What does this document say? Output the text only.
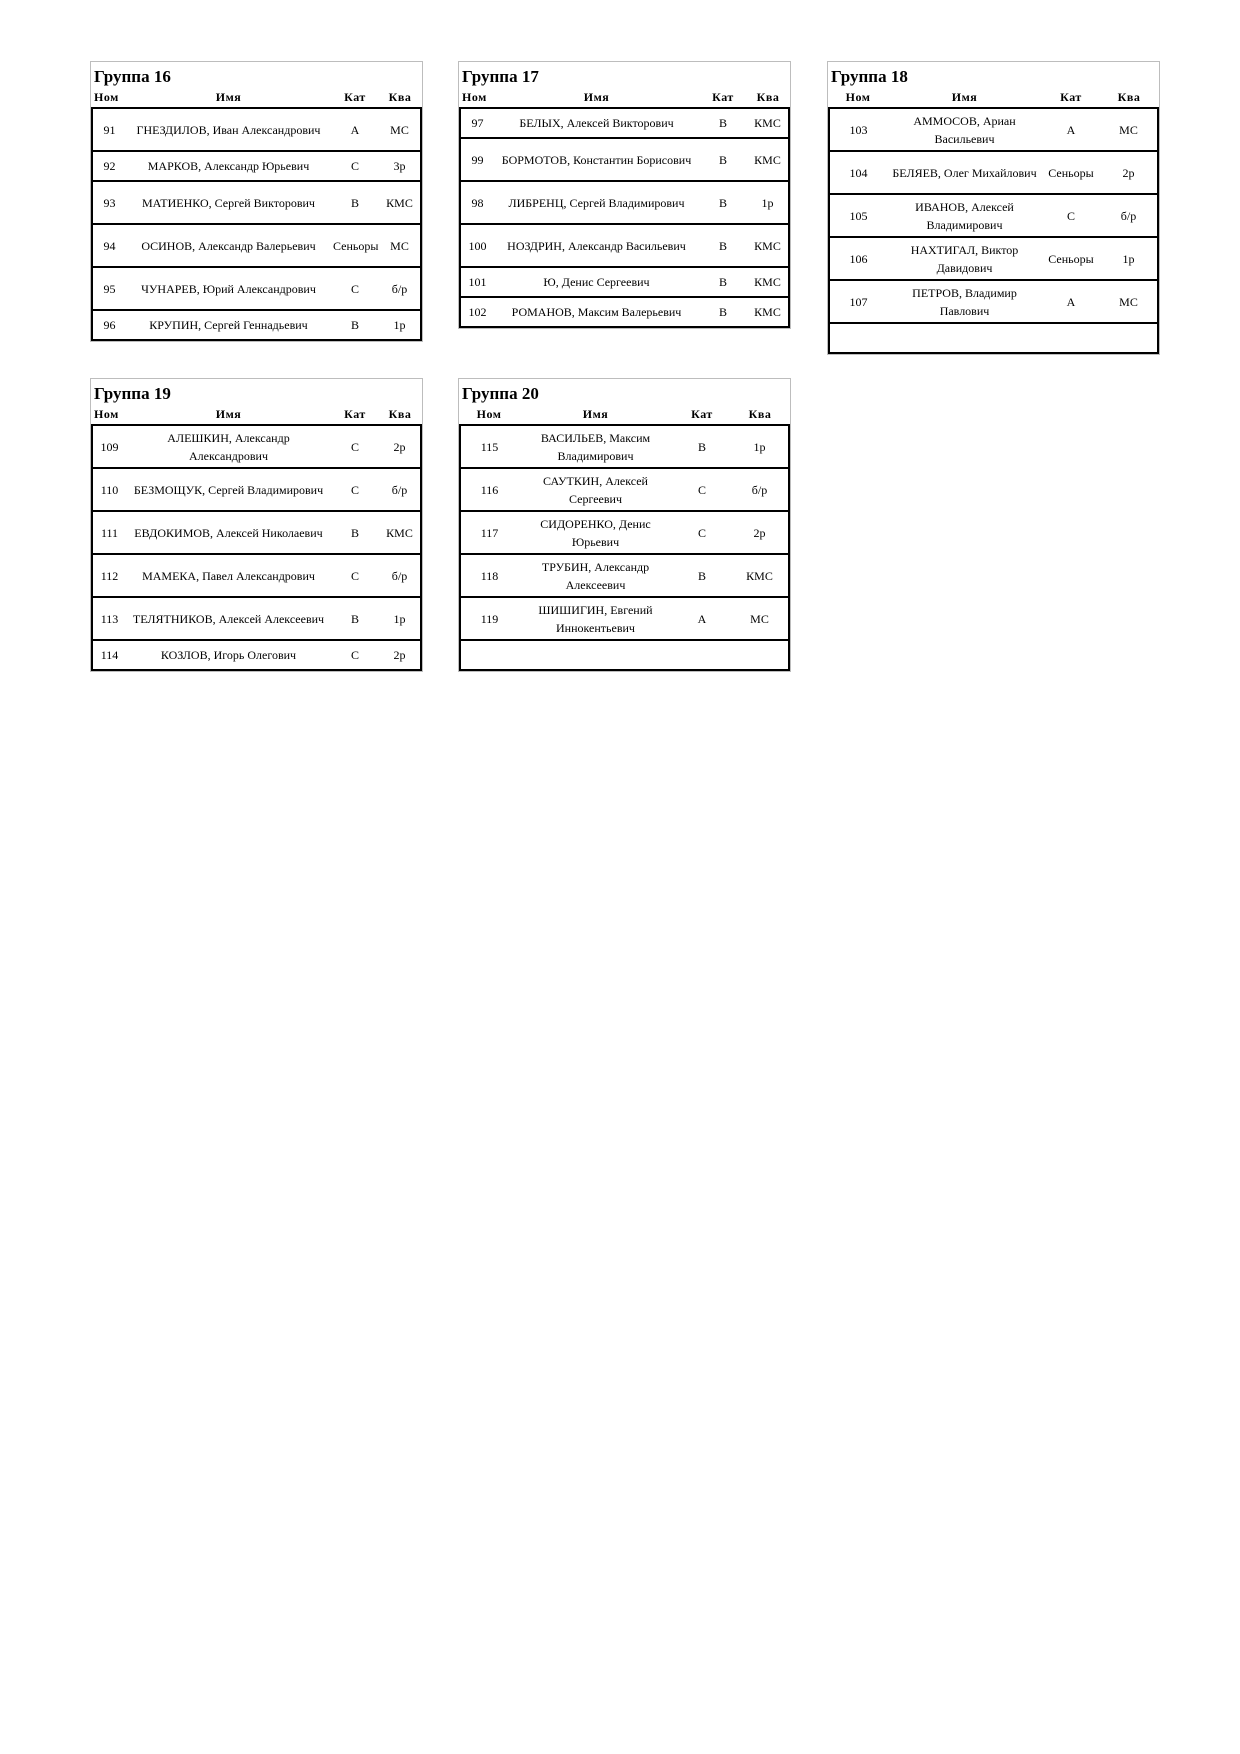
Группа 16
Ном	Имя	Кат	Ква
91	ГНЕЗДИЛОВ, Иван Александрович	A	МС
92	МАРКОВ, Александр Юрьевич	C	3р
93	МАТИЕНКО, Сергей Викторович	B	КМС
94	ОСИНОВ, Александр Валерьевич	Сеньоры	МС
95	ЧУНАРЕВ, Юрий Александрович	C	б/р
96	КРУПИН, Сергей Геннадьевич	B	1р
Группа 17
Ном	Имя	Кат	Ква
97	БЕЛЫХ, Алексей Викторович	B	КМС
99	БОРМОТОВ, Константин Борисович	B	КМС
98	ЛИБРЕНЦ, Сергей Владимирович	B	1р
100	НОЗДРИН, Александр Васильевич	B	КМС
101	Ю, Денис Сергеевич	B	КМС
102	РОМАНОВ, Максим Валерьевич	B	КМС
Группа 18
Ном	Имя	Кат	Ква
103	АММОСОВ, Ариан Васильевич	A	МС
104	БЕЛЯЕВ, Олег Михайлович	Сеньоры	2р
105	ИВАНОВ, Алексей Владимирович	C	б/р
106	НАХТИГАЛ, Виктор Давидович	Сеньоры	1р
107	ПЕТРОВ, Владимир Павлович	A	МС

Группа 19
Ном	Имя	Кат	Ква
109	АЛЕШКИН, Александр Александрович	C	2р
110	БЕЗМОЩУК, Сергей Владимирович	C	б/р
111	ЕВДОКИМОВ, Алексей Николаевич	B	КМС
112	МАМЕКА, Павел Александрович	C	б/р
113	ТЕЛЯТНИКОВ, Алексей Алексеевич	B	1р
114	КОЗЛОВ, Игорь Олегович	C	2р
Группа 20
Ном	Имя	Кат	Ква
115	ВАСИЛЬЕВ, Максим Владимирович	B	1р
116	САУТКИН, Алексей Сергеевич	C	б/р
117	СИДОРЕНКО, Денис Юрьевич	C	2р
118	ТРУБИН, Александр Алексеевич	B	КМС
119	ШИШИГИН, Евгений Иннокентьевич	A	МС
